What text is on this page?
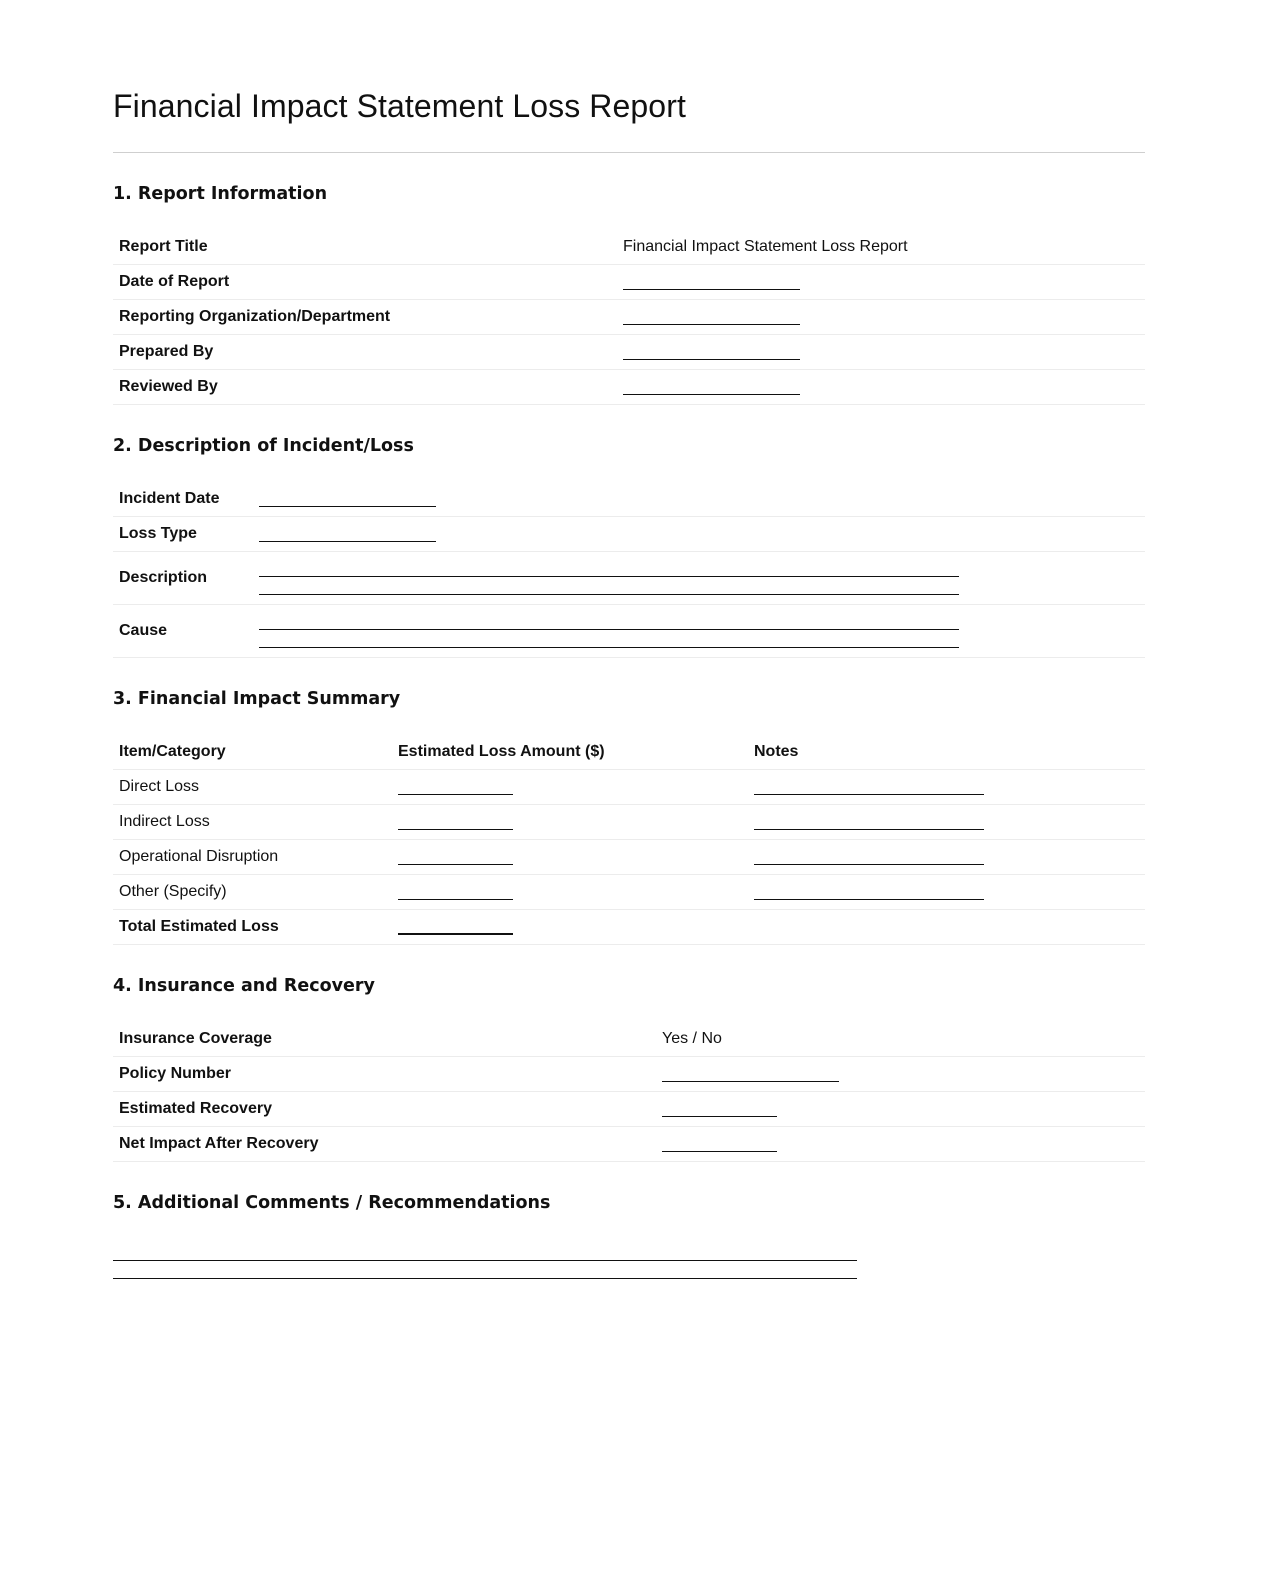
Financial Impact Statement Loss Report
1. Report Information
Report Title	Financial Impact Statement Loss Report
Date of Report
Reporting Organization/Department
Prepared By
Reviewed By
2. Description of Incident/Loss
Incident Date
Loss Type
Description
Cause
3. Financial Impact Summary
Item/Category	Estimated Loss Amount ($)	Notes
Direct Loss
Indirect Loss
Operational Disruption
Other (Specify)
Total Estimated Loss
4. Insurance and Recovery
Insurance Coverage	Yes / No
Policy Number
Estimated Recovery
Net Impact After Recovery
5. Additional Comments / Recommendations
